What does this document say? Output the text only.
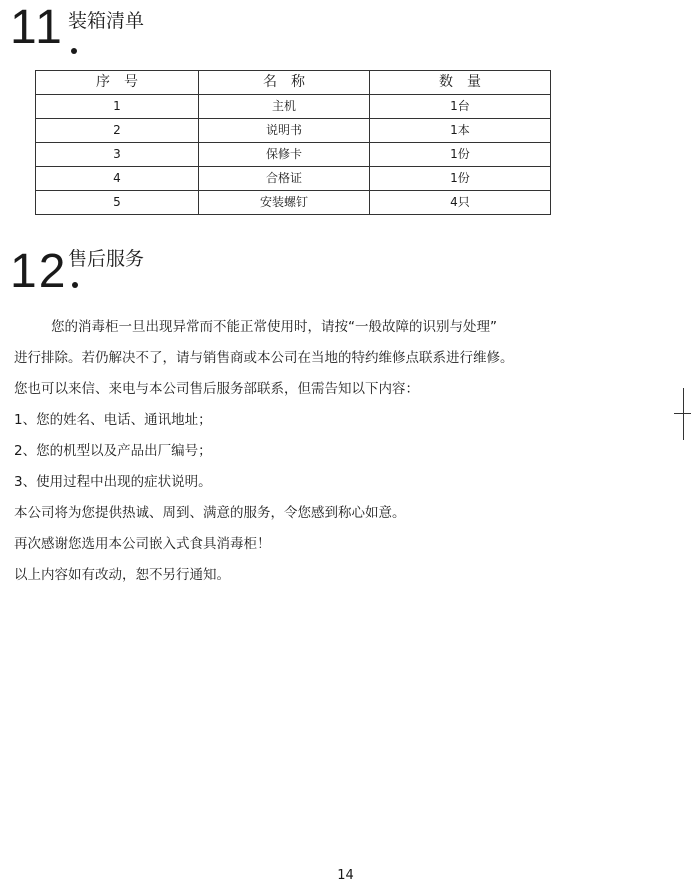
11 装箱清单
序号	名称	数量
1	主机	1台
2	说明书	1本
3	保修卡	1份
4	合格证	1份
5	安装螺钉	4只
12 售后服务

您的消毒柜一旦出现异常而不能正常使用时，请按“一般故障的识别与处理”

进行排除。若仍解决不了，请与销售商或本公司在当地的特约维修点联系进行维修。

您也可以来信、来电与本公司售后服务部联系，但需告知以下内容：

1、您的姓名、电话、通讯地址；

2、您的机型以及产品出厂编号；

3、使用过程中出现的症状说明。

本公司将为您提供热诚、周到、满意的服务，令您感到称心如意。

再次感谢您选用本公司嵌入式食具消毒柜！

以上内容如有改动，恕不另行通知。

14
